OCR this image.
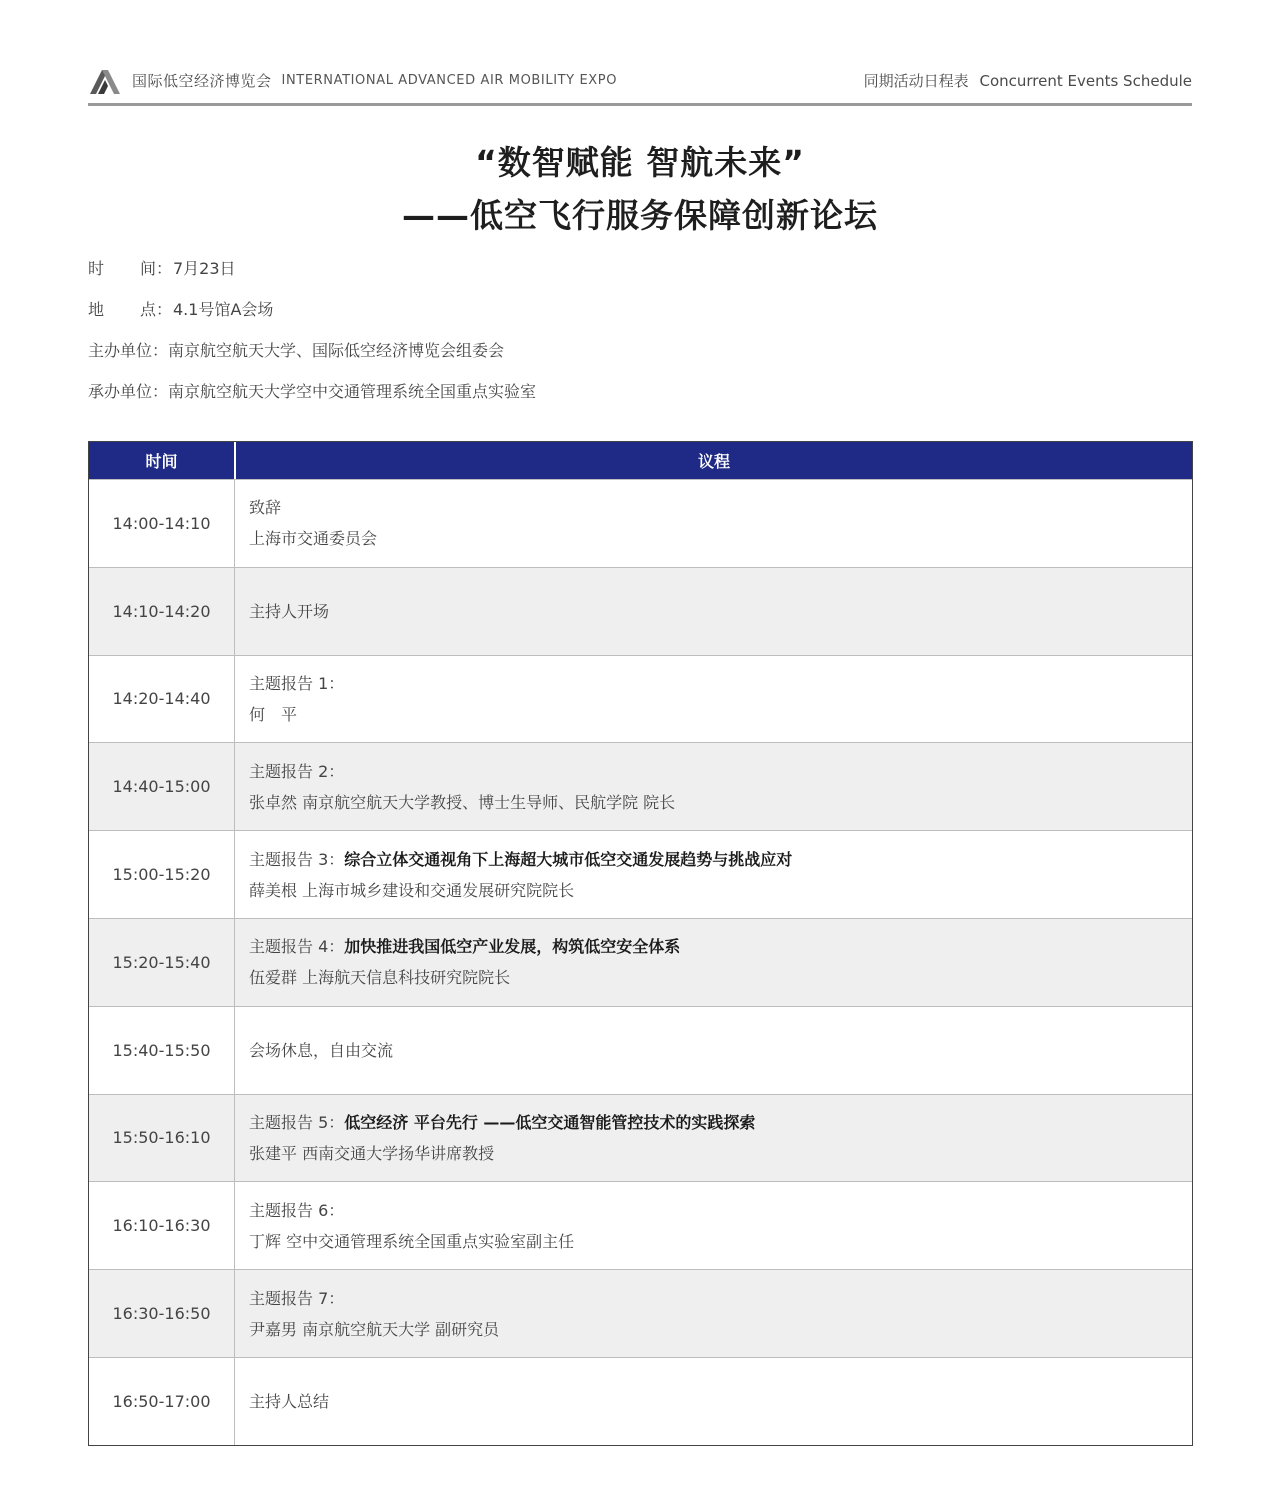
国际低空经济博览会 INTERNATIONAL ADVANCED AIR MOBILITY EXPO	同期活动日程表 Concurrent Events Schedule
“数智赋能 智航未来”
——低空飞行服务保障创新论坛
时 间：7月23日
地 点：4.1号馆A会场
主办单位：南京航空航天大学、国际低空经济博览会组委会
承办单位：南京航空航天大学空中交通管理系统全国重点实验室
时间	议程
14:00-14:10
致辞
上海市交通委员会
14:10-14:20	主持人开场
14:20-14:40
主题报告 1：
何　平
14:40-15:00
主题报告 2：
张卓然 南京航空航天大学教授、博士生导师、民航学院 院长
15:00-15:20
主题报告 3：综合立体交通视角下上海超大城市低空交通发展趋势与挑战应对
薛美根 上海市城乡建设和交通发展研究院院长
15:20-15:40
主题报告 4：加快推进我国低空产业发展，构筑低空安全体系
伍爱群 上海航天信息科技研究院院长
15:40-15:50	会场休息，自由交流
15:50-16:10
主题报告 5：低空经济 平台先行 ——低空交通智能管控技术的实践探索
张建平 西南交通大学扬华讲席教授
16:10-16:30
主题报告 6：
丁辉 空中交通管理系统全国重点实验室副主任
16:30-16:50
主题报告 7：
尹嘉男 南京航空航天大学 副研究员
16:50-17:00	主持人总结
